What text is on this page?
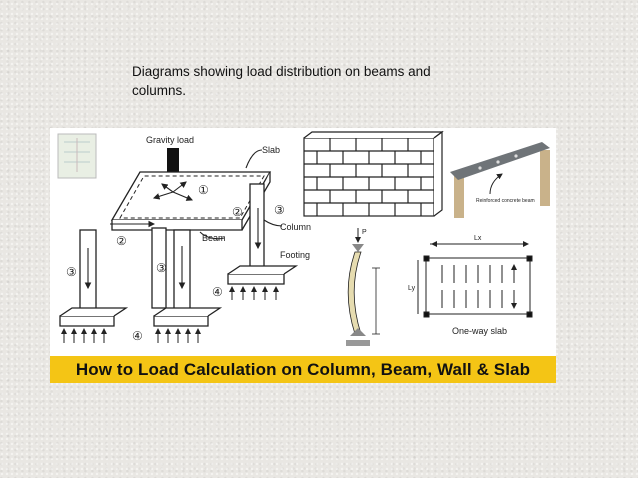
Diagrams showing load distribution on beams and columns.
Gravity load
Slab
Beam
Column
Footing
①
②
②
③	③
③
④
④
Reinforced concrete beam
P
Lx
Ly
One-way slab
How to Load Calculation on Column, Beam, Wall & Slab
